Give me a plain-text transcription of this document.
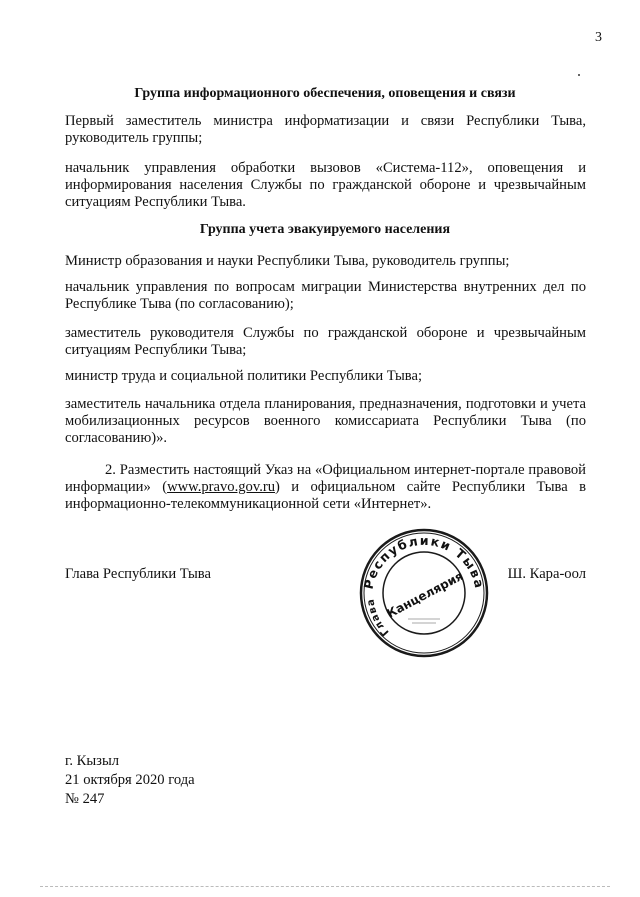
3
Группа информационного обеспечения, оповещения и связи
Первый заместитель министра информатизации и связи Республики Тыва, руководитель группы;
начальник управления обработки вызовов «Система-112», оповещения и информирования населения Службы по гражданской обороне и чрезвычайным ситуациям Республики Тыва.
Группа учета эвакуируемого населения
Министр образования и науки Республики Тыва, руководитель группы;
начальник управления по вопросам миграции Министерства внутренних дел по Республике Тыва (по согласованию);
заместитель руководителя Службы по гражданской обороне и чрезвычайным ситуациям Республики Тыва;
министр труда и социальной политики Республики Тыва;
заместитель начальника отдела планирования, предназначения, подготовки и учета мобилизационных ресурсов военного комиссариата Республики Тыва (по согласованию)».
2. Разместить настоящий Указ на «Официальном интернет-портале правовой информации» (www.pravo.gov.ru) и официальном сайте Республики Тыва в информационно-телекоммуникационной сети «Интернет».
Глава Республики Тыва
Республики Тыва
Глава Канцелярия	Ш. Кара-оол
г. Кызыл
21 октября 2020 года
№ 247
